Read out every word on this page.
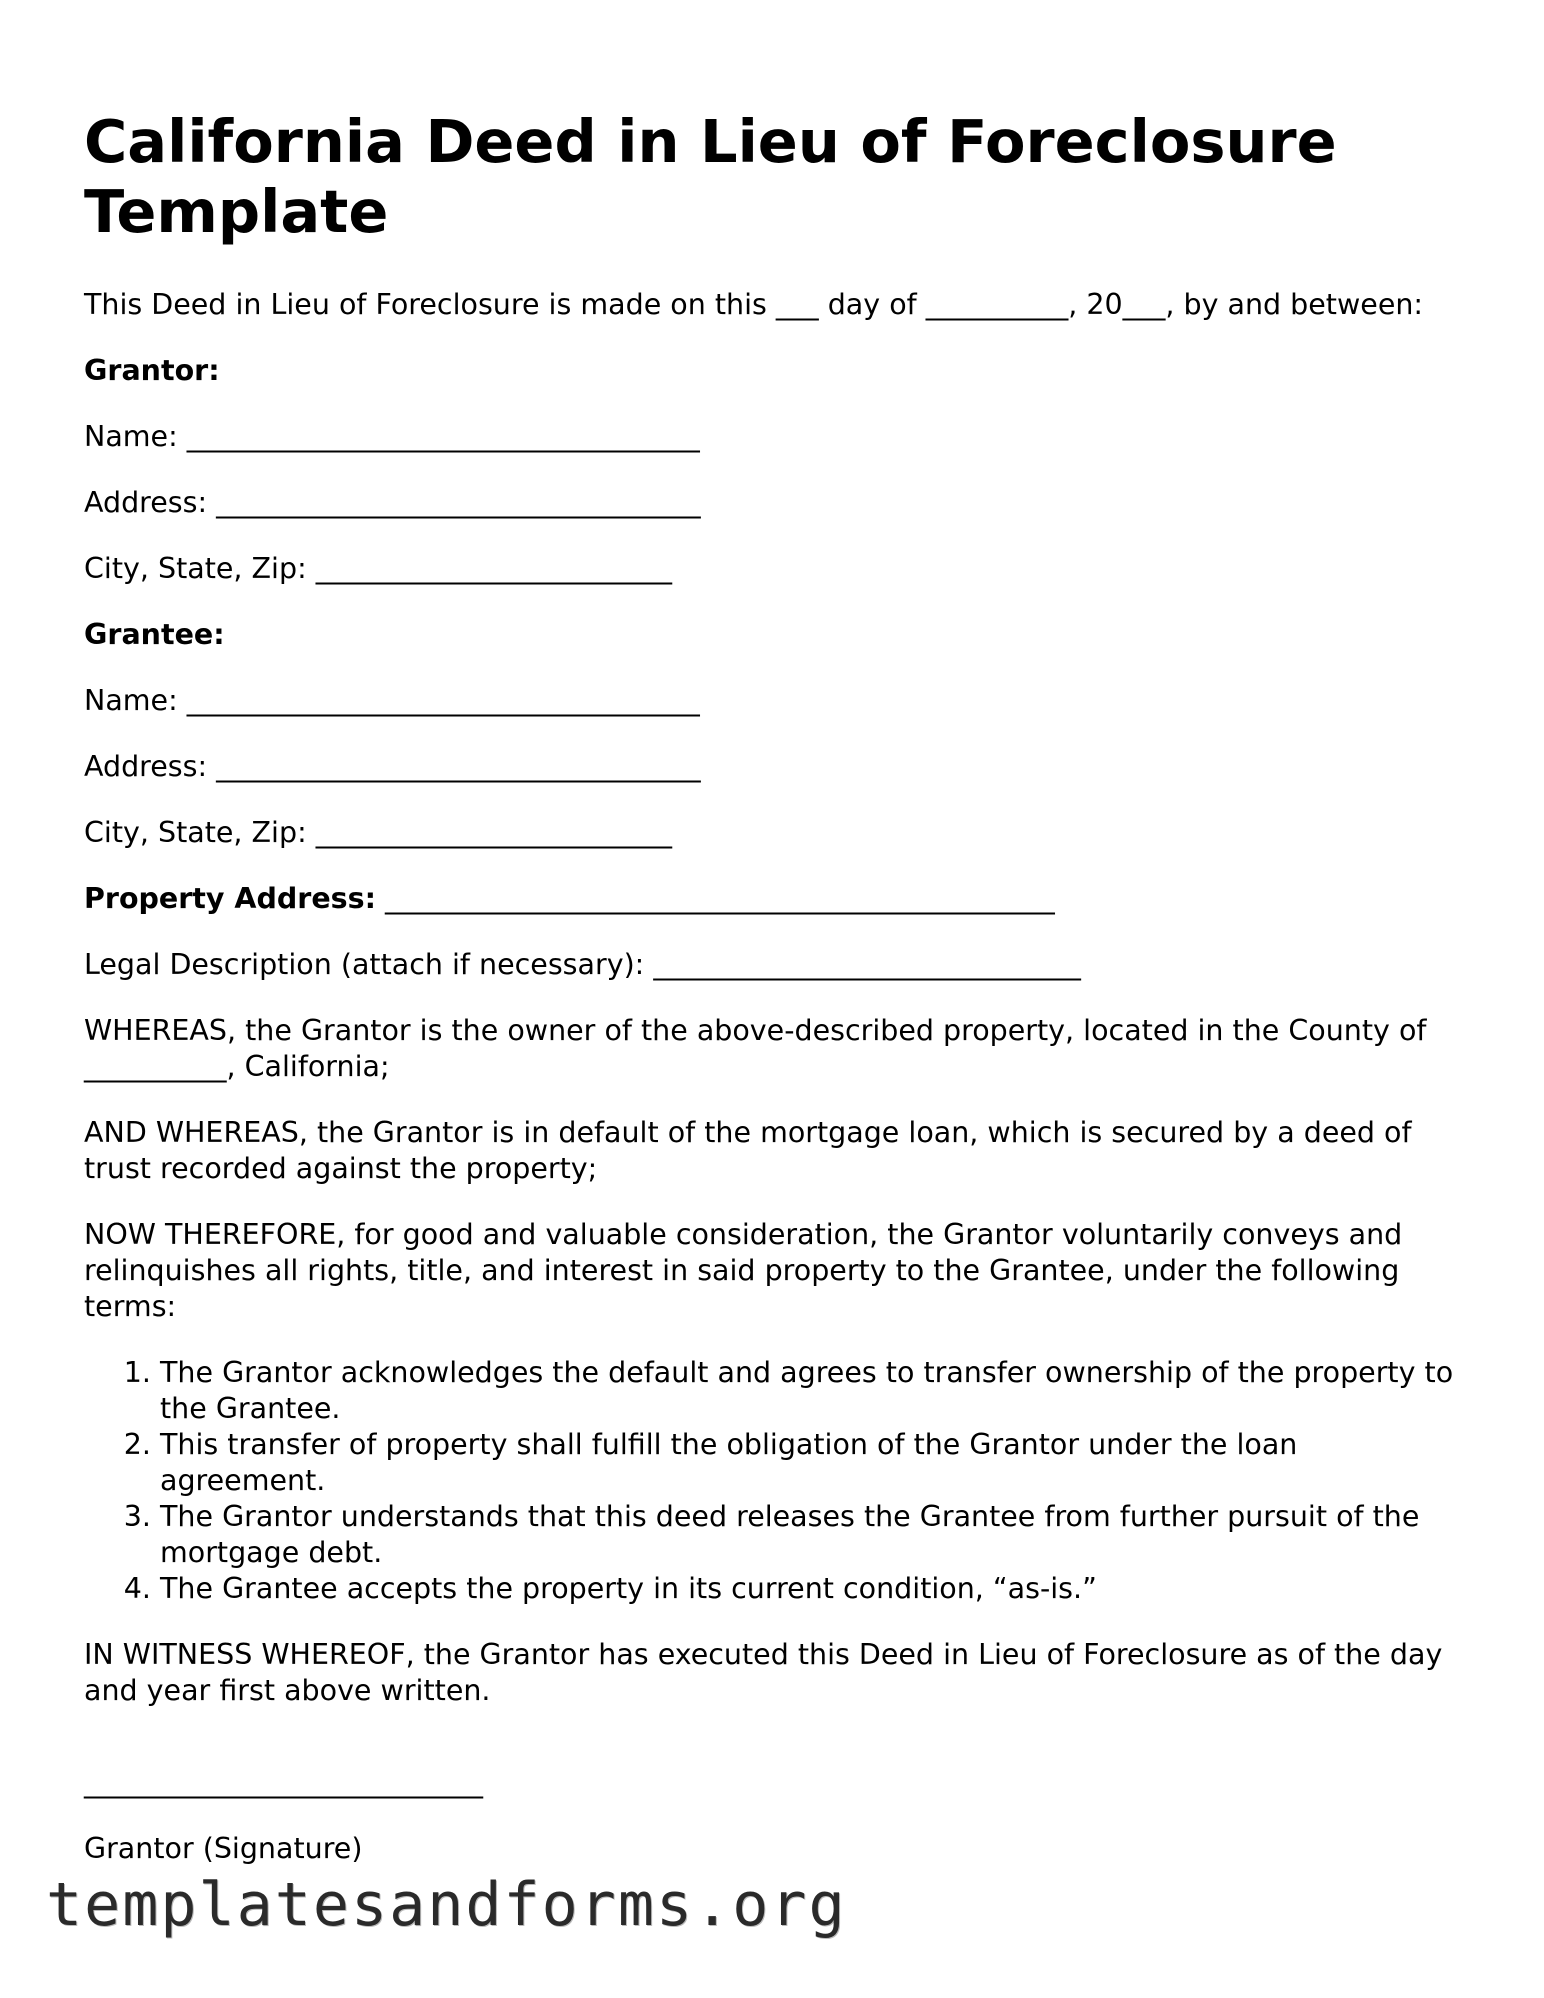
California Deed in Lieu of Foreclosure Template

This Deed in Lieu of Foreclosure is made on this ___ day of __________, 20___, by and between:

Grantor:

Name: ____________________________________

Address: __________________________________

City, State, Zip: _________________________

Grantee:

Name: ____________________________________

Address: __________________________________

City, State, Zip: _________________________

Property Address: _______________________________________________

Legal Description (attach if necessary): ______________________________

WHEREAS, the Grantor is the owner of the above-described property, located in the County of __________, California;

AND WHEREAS, the Grantor is in default of the mortgage loan, which is secured by a deed of trust recorded against the property;

NOW THEREFORE, for good and valuable consideration, the Grantor voluntarily conveys and relinquishes all rights, title, and interest in said property to the Grantee, under the following terms:

1. The Grantor acknowledges the default and agrees to transfer ownership of the property to the Grantee.
2. This transfer of property shall fulfill the obligation of the Grantor under the loan agreement.
3. The Grantor understands that this deed releases the Grantee from further pursuit of the mortgage debt.
4. The Grantee accepts the property in its current condition, “as-is.”

IN WITNESS WHEREOF, the Grantor has executed this Deed in Lieu of Foreclosure as of the day and year first above written.

____________________________

Grantor (Signature)

templatesandforms.org
